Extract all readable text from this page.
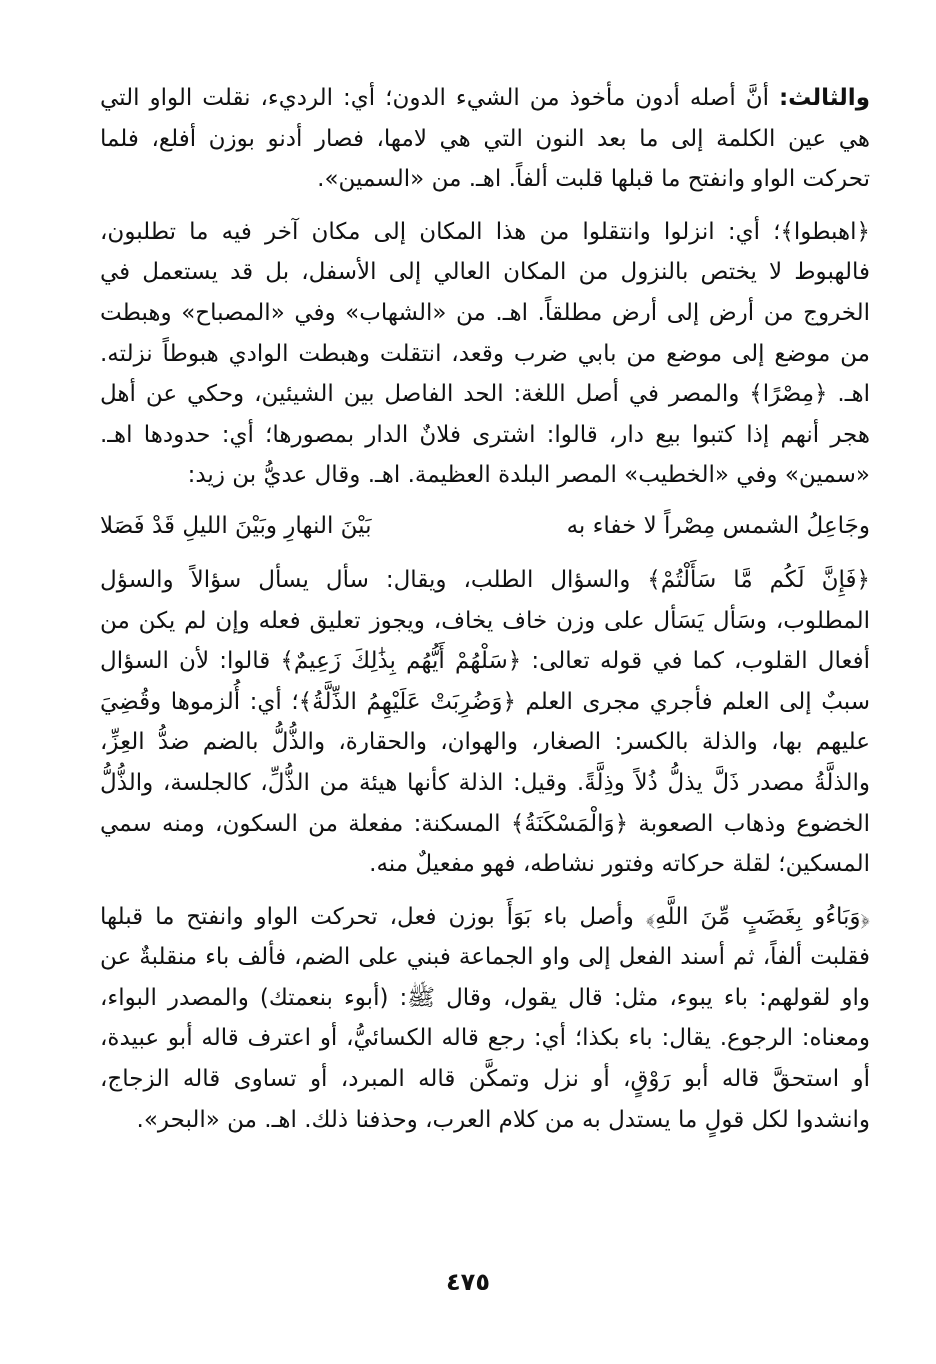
والثالث: أنَّ أصله أدون مأخوذ من الشيء الدون؛ أي: الرديء، نقلت الواو التي هي عين الكلمة إلى ما بعد النون التي هي لامها، فصار أدنو بوزن أفلع، فلما تحركت الواو وانفتح ما قبلها قلبت ألفاً. اهـ. من «السمين».

﴿اهبطوا﴾؛ أي: انزلوا وانتقلوا من هذا المكان إلى مكان آخر فيه ما تطلبون، فالهبوط لا يختص بالنزول من المكان العالي إلى الأسفل، بل قد يستعمل في الخروج من أرض إلى أرض مطلقاً. اهـ. من «الشهاب» وفي «المصباح» وهبطت من موضع إلى موضع من بابي ضرب وقعد، انتقلت وهبطت الوادي هبوطاً نزلته. اهـ. ﴿مِصْرًا﴾ والمصر في أصل اللغة: الحد الفاصل بين الشيئين، وحكي عن أهل هجر أنهم إذا كتبوا بيع دار، قالوا: اشترى فلانٌ الدار بمصورها؛ أي: حدودها اهـ. «سمين» وفي «الخطيب» المصر البلدة العظيمة. اهـ. وقال عديُّ بن زيد:

وجَاعِلُ الشمس مِصْراً لا خفاء به
بَيْنَ النهارِ وبَيْنَ الليلِ قَدْ فَصَلا

﴿فَإِنَّ لَكُم مَّا سَأَلْتُمْ﴾ والسؤال الطلب، ويقال: سأل يسأل سؤالاً والسؤل المطلوب، وسَأل يَسَأل على وزن خاف يخاف، ويجوز تعليق فعله وإن لم يكن من أفعال القلوب، كما في قوله تعالى: ﴿سَلْهُمْ أَيُّهُم بِذَٰلِكَ زَعِيمٌ﴾ قالوا: لأن السؤال سببٌ إلى العلم فأجري مجرى العلم ﴿وَضُرِبَتْ عَلَيْهِمُ الذِّلَّةُ﴾؛ أي: أُلزموها وقُضِيَ عليهم بها، والذلة بالكسر: الصغار، والهوان، والحقارة، والذُّلُّ بالضم ضدُّ العِزِّ، والذلَّةُ مصدر ذَلَّ يذلُّ ذُلاً وذِلَّةً. وقيل: الذلة كأنها هيئة من الذُّلِّ، كالجلسة، والذُّلُّ الخضوع وذهاب الصعوبة ﴿وَالْمَسْكَنَةُ﴾ المسكنة: مفعلة من السكون، ومنه سمي المسكين؛ لقلة حركاته وفتور نشاطه، فهو مفعيلٌ منه.

﴿وَبَاءُو بِغَضَبٍ مِّنَ اللَّهِ﴾ وأصل باء بَوَأَ بوزن فعل، تحركت الواو وانفتح ما قبلها فقلبت ألفاً، ثم أسند الفعل إلى واو الجماعة فبني على الضم، فألف باء منقلبةٌ عن واو لقولهم: باء يبوء، مثل: قال يقول، وقال ﷺ: (أبوء بنعمتك) والمصدر البواء، ومعناه: الرجوع. يقال: باء بكذا؛ أي: رجع قاله الكسائيُّ، أو اعترف قاله أبو عبيدة، أو استحقَّ قاله أبو رَوْقٍ، أو نزل وتمكَّن قاله المبرد، أو تساوى قاله الزجاج، وانشدوا لكل قولٍ ما يستدل به من كلام العرب، وحذفنا ذلك. اهـ. من «البحر».

٤٧٥
